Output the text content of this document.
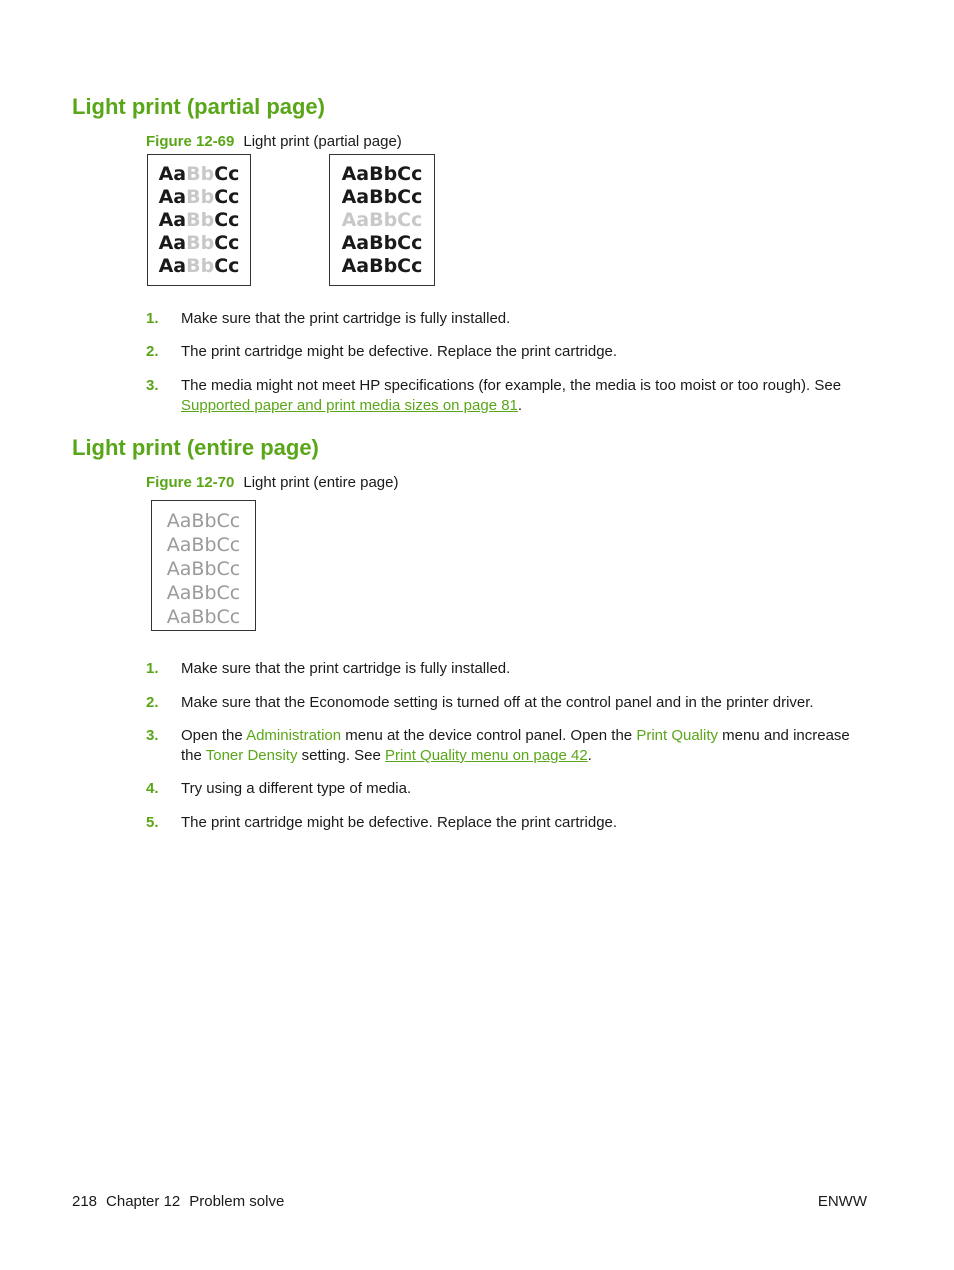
Light print (partial page)
Figure 12-69 Light print (partial page)
AaBbCc
AaBbCc
AaBbCc
AaBbCc
AaBbCc
AaBbCc
AaBbCc
AaBbCc
AaBbCc
AaBbCc
1. Make sure that the print cartridge is fully installed.
2. The print cartridge might be defective. Replace the print cartridge.
3. The media might not meet HP specifications (for example, the media is too moist or too rough). See Supported paper and print media sizes on page 81.
Light print (entire page)
Figure 12-70 Light print (entire page)
AaBbCc
AaBbCc
AaBbCc
AaBbCc
AaBbCc
1. Make sure that the print cartridge is fully installed.
2. Make sure that the Economode setting is turned off at the control panel and in the printer driver.
3. Open the Administration menu at the device control panel. Open the Print Quality menu and increase the Toner Density setting. See Print Quality menu on page 42.
4. Try using a different type of media.
5. The print cartridge might be defective. Replace the print cartridge.
218 Chapter 12 Problem solve	ENWW
